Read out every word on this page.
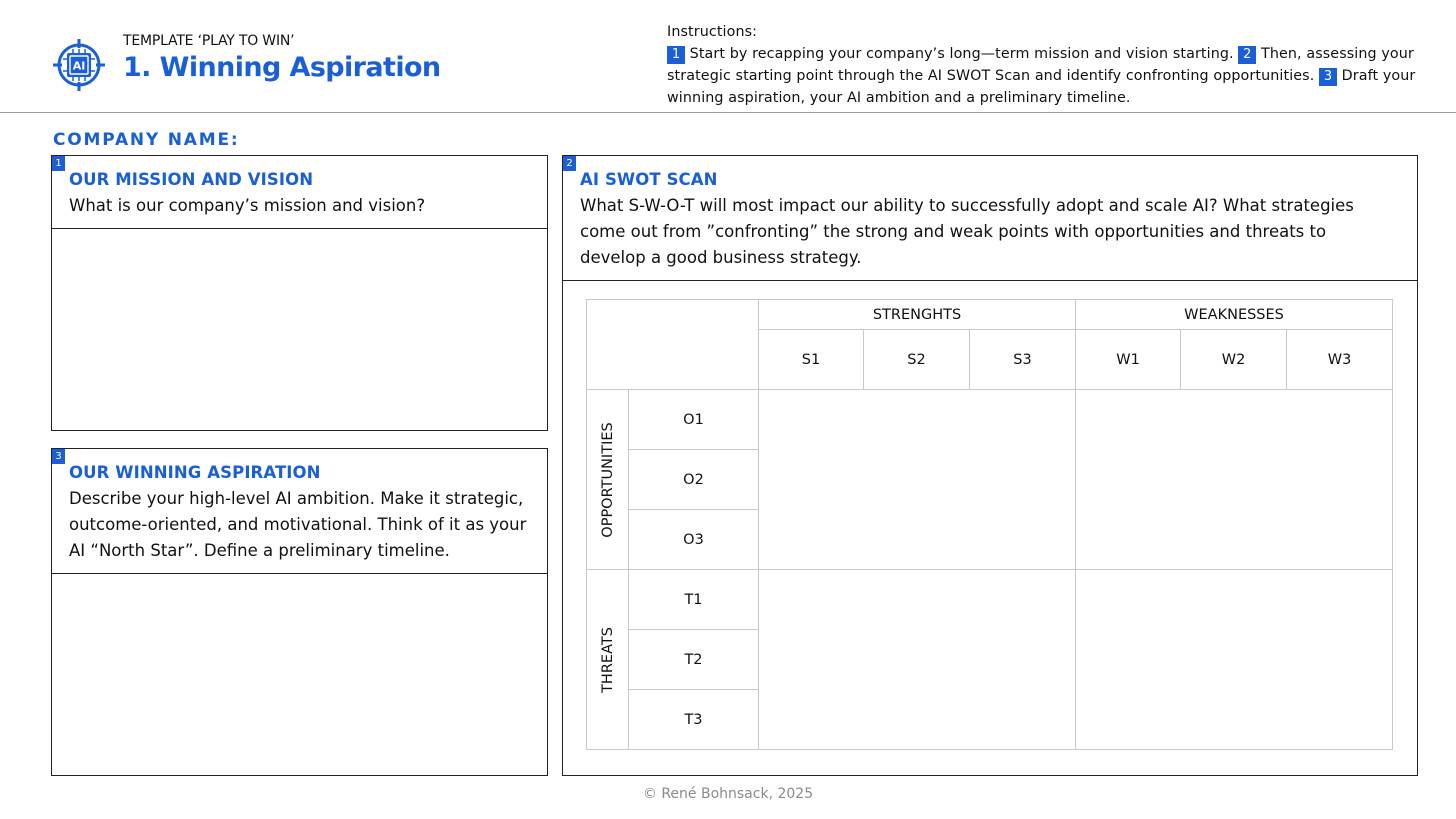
AI
TEMPLATE ‘PLAY TO WIN’
1. Winning Aspiration
Instructions:
1 Start by recapping your company’s long—term mission and vision starting. 2 Then, assessing your strategic starting point through the AI SWOT Scan and identify confronting opportunities. 3 Draft your winning aspiration, your AI ambition and a preliminary timeline.
COMPANY NAME:
1
OUR MISSION AND VISION
What is our company’s mission and vision?
3
OUR WINNING ASPIRATION
Describe your high-level AI ambition. Make it strategic, outcome-oriented, and motivational. Think of it as your AI “North Star”. Define a preliminary timeline.
2
AI SWOT SCAN
What S-W-O-T will most impact our ability to successfully adopt and scale AI? What strategies come out from ”confronting” the strong and weak points with opportunities and threats to develop a good business strategy.
		STRENGHTS			WEAKNESSES		
		S1	S2	S3	W1	W2	W3

OPPORTUNITIES	O1						
	O2						
	O3						

THREATS	T1						
	T2						
	T3						
© René Bohnsack, 2025
